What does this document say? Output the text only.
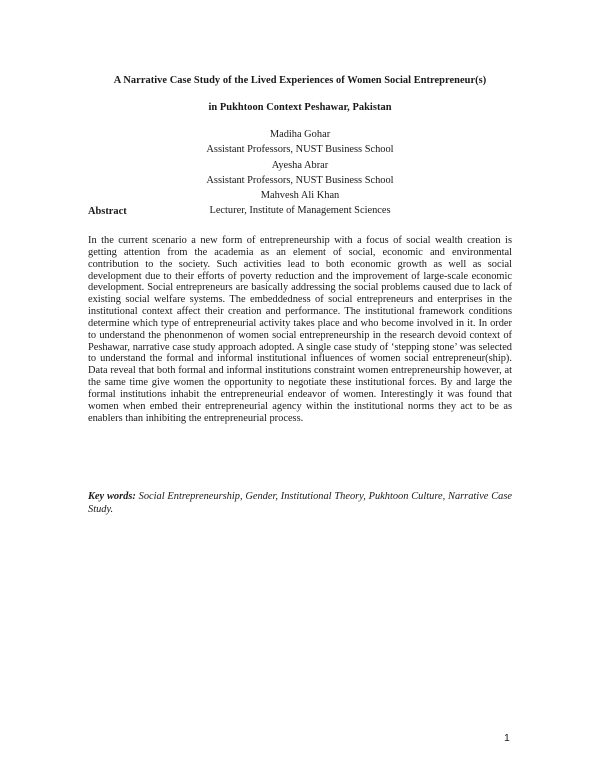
A Narrative Case Study of the Lived Experiences of Women Social Entrepreneur(s)
in Pukhtoon Context Peshawar, Pakistan
Madiha Gohar
Assistant Professors, NUST Business School
Ayesha Abrar
Assistant Professors, NUST Business School
Mahvesh Ali Khan
Lecturer, Institute of Management Sciences
Abstract
In the current scenario a new form of entrepreneurship with a focus of social wealth creation is getting attention from the academia as an element of social, economic and environmental contribution to the society. Such activities lead to both economic growth as well as social development due to their efforts of poverty reduction and the improvement of large-scale economic development. Social entrepreneurs are basically addressing the social problems caused due to lack of existing social welfare systems. The embeddedness of social entrepreneurs and enterprises in the institutional context affect their creation and performance. The institutional framework conditions determine which type of entrepreneurial activity takes place and who become involved in it. In order to understand the phenonmenon of women social entrepreneurship in the research devoid context of Peshawar, narrative case study approach adopted. A single case study of ‘stepping stone’ was selected to understand the formal and informal institutional influences of women social entrepreneur(ship). Data reveal that both formal and informal institutions constraint women entrepreneurship however, at the same time give women the opportunity to negotiate these institutional forces. By and large the formal institutions inhabit the entrepreneurial endeavor of women. Interestingly it was found that women when embed their entrepreneurial agency within the institutional norms they act to be as enablers than inhibiting the entrepreneurial process.
Key words: Social Entrepreneurship, Gender, Institutional Theory, Pukhtoon Culture, Narrative Case Study.
1
